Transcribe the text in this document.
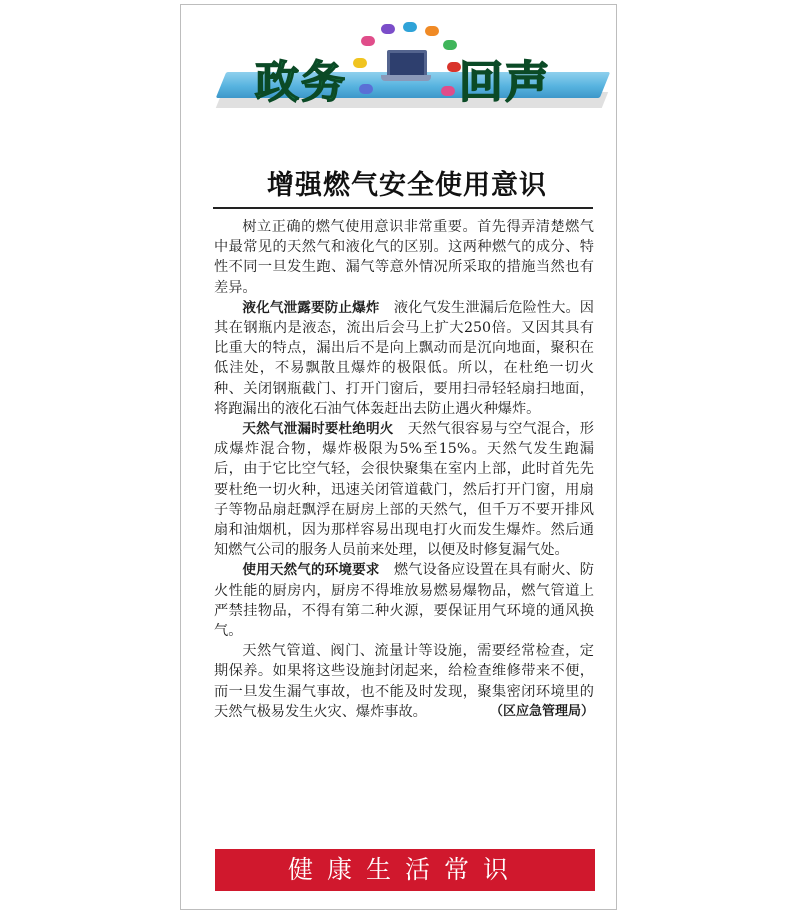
政务	回声
增强燃气安全使用意识

树立正确的燃气使用意识非常重要。首先得弄清楚燃气中最常见的天然气和液化气的区别。这两种燃气的成分、特性不同一旦发生跑、漏气等意外情况所采取的措施当然也有差异。

液化气泄露要防止爆炸　 液化气发生泄漏后危险性大。因其在钢瓶内是液态，流出后会马上扩大250倍。又因其具有比重大的特点，漏出后不是向上飘动而是沉向地面，聚积在低洼处，不易飘散且爆炸的极限低。所以，在杜绝一切火种、关闭钢瓶截门、打开门窗后，要用扫帚轻轻扇扫地面，将跑漏出的液化石油气体轰赶出去防止遇火种爆炸。

天然气泄漏时要杜绝明火　 天然气很容易与空气混合，形成爆炸混合物，爆炸极限为5%至15%。天然气发生跑漏后，由于它比空气轻，会很快聚集在室内上部，此时首先先要杜绝一切火种，迅速关闭管道截门，然后打开门窗，用扇子等物品扇赶飘浮在厨房上部的天然气，但千万不要开排风扇和油烟机，因为那样容易出现电打火而发生爆炸。然后通知燃气公司的服务人员前来处理，以便及时修复漏气处。

使用天然气的环境要求　 燃气设备应设置在具有耐火、防火性能的厨房内，厨房不得堆放易燃易爆物品，燃气管道上严禁挂物品，不得有第二种火源，要保证用气环境的通风换气。

天然气管道、阀门、流量计等设施，需要经常检查，定期保养。如果将这些设施封闭起来，给检查维修带来不便，而一旦发生漏气事故，也不能及时发现，聚集密闭环境里的天然气极易发生火灾、爆炸事故。	（区应急管理局）
健康生活常识
